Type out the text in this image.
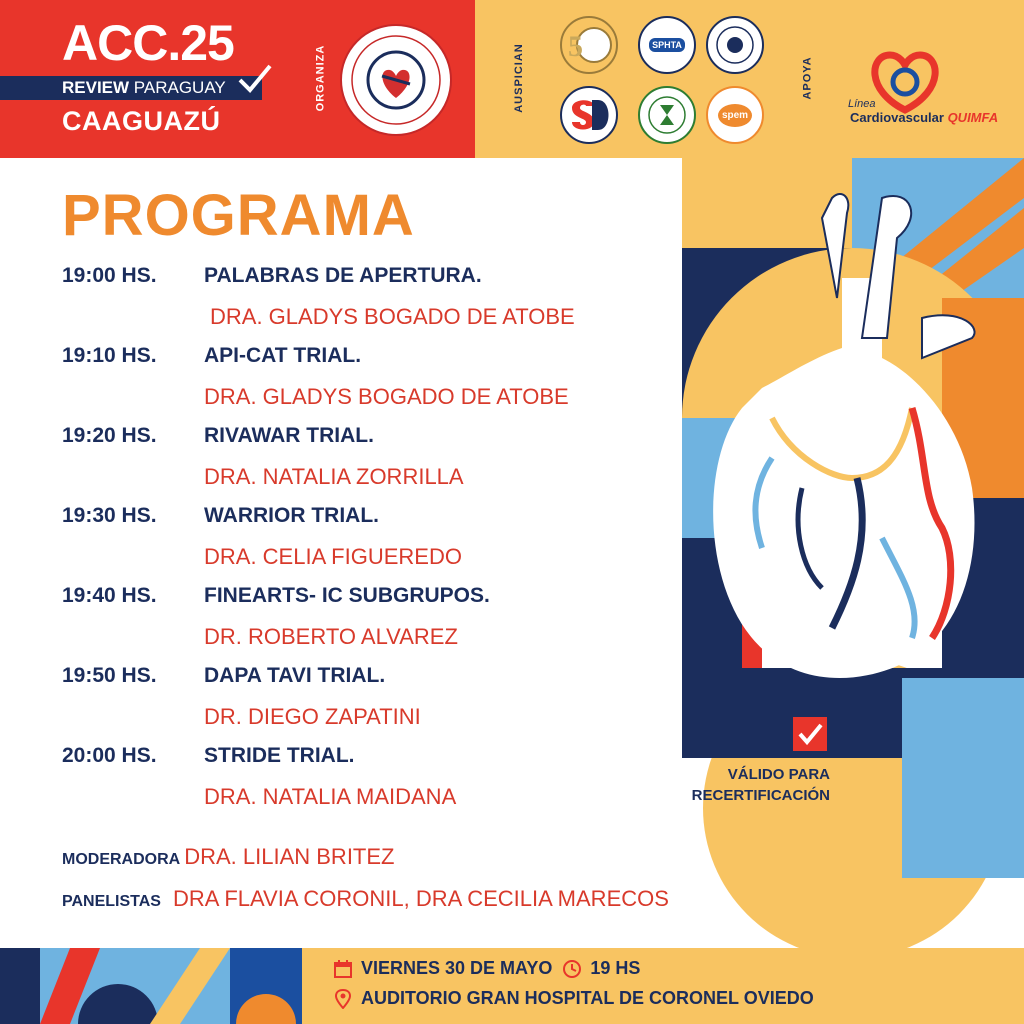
ACC.25
REVIEW PARAGUAY
CAAGUAZÚ
ORGANIZA	AUSPICIAN 5	SPHTA
spem
APOYA
Línea
Cardiovascular QUIMFA
VÁLIDO PARA
RECERTIFICACIÓN
PROGRAMA
19:00 HS. PALABRAS DE APERTURA.
DRA. GLADYS BOGADO DE ATOBE
19:10 HS. API-CAT TRIAL.
DRA. GLADYS BOGADO DE ATOBE
19:20 HS. RIVAWAR TRIAL.
DRA. NATALIA ZORRILLA
19:30 HS. WARRIOR TRIAL.
DRA. CELIA FIGUEREDO
19:40 HS. FINEARTS- IC SUBGRUPOS.
DR. ROBERTO ALVAREZ
19:50 HS. DAPA TAVI TRIAL.
DR. DIEGO ZAPATINI
20:00 HS. STRIDE TRIAL.
DRA. NATALIA MAIDANA
MODERADORA DRA. LILIAN BRITEZ
PANELISTAS DRA FLAVIA CORONIL, DRA CECILIA MARECOS
VIERNES 30 DE MAYO 19 HS
AUDITORIO GRAN HOSPITAL DE CORONEL OVIEDO
